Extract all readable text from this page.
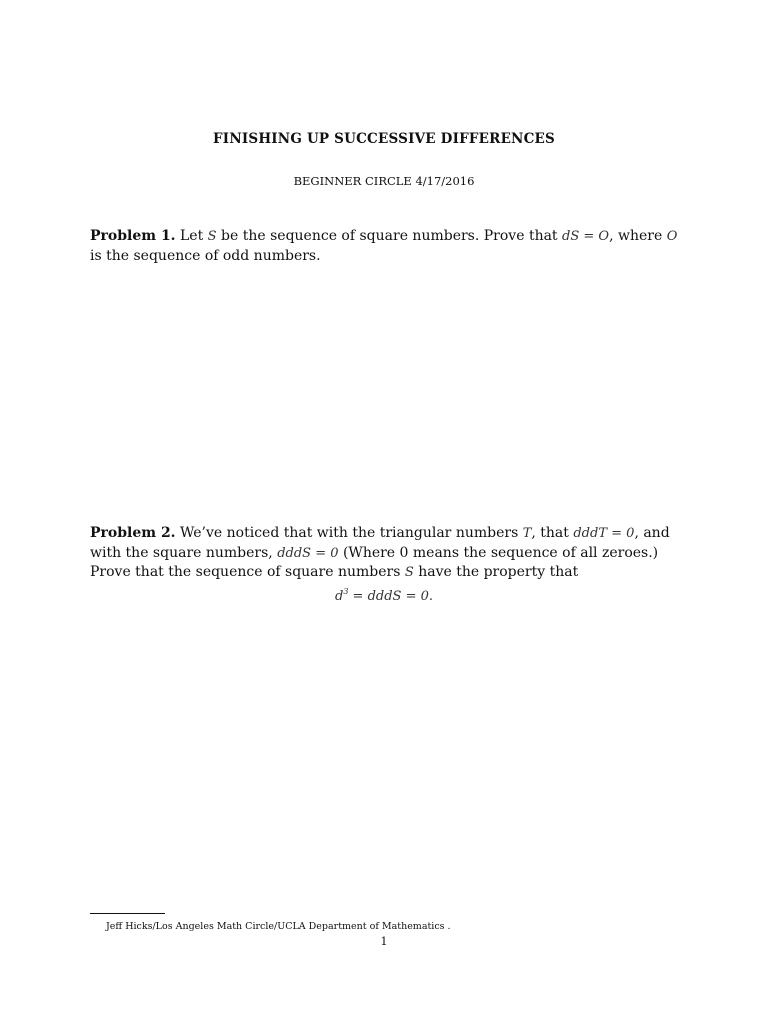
FINISHING UP SUCCESSIVE DIFFERENCES
BEGINNER CIRCLE 4/17/2016
Problem 1. Let S be the sequence of square numbers. Prove that dS = O, where O is the sequence of odd numbers.
Problem 2. We’ve noticed that with the triangular numbers T, that dddT = 0, and with the square numbers, dddS = 0 (Where 0 means the sequence of all zeroes.) Prove that the sequence of square numbers S have the property that
$d^3$ = dddS = 0.
Jeff Hicks/Los Angeles Math Circle/UCLA Department of Mathematics .
1
